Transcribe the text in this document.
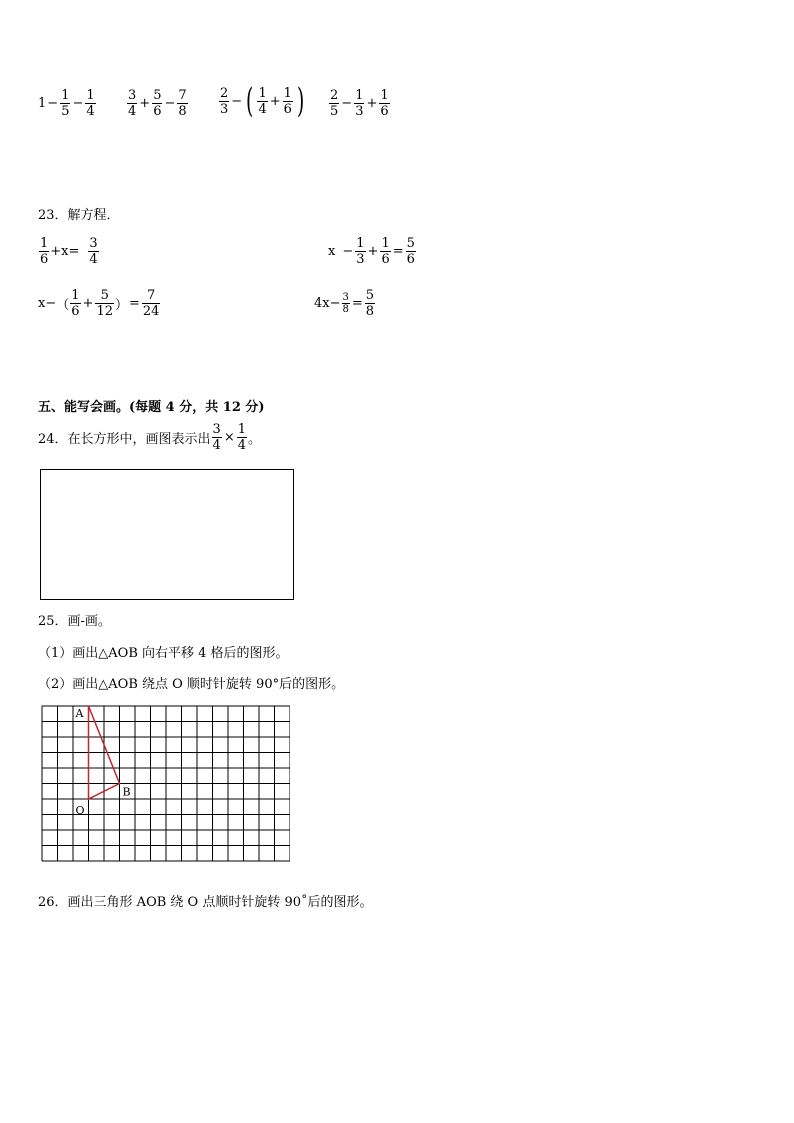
$1 - \frac{1}{5} - \frac{1}{4} \frac{3}{4} + \frac{5}{6} - \frac{7}{8} \frac{2}{3}$ − ( $\frac{1}{4} + \frac{1}{6}$ ) $\frac{2}{5} - \frac{1}{3} + \frac{1}{6}$
23．解方程．
$\frac{1}{6} +x= \frac{3}{4}$	$x - \frac{1}{3} + \frac{1}{6} = \frac{5}{6}$
x− （ $\frac{1}{6} + \frac{5}{12}$ ） = $\frac{7}{24}$	$4x- \frac{3}{8} = \frac{5}{8}$
五、能写会画。(每题 4 分，共 12 分)
24．在长方形中，画图表示出 $\frac{3}{4} \times \frac{1}{4}$ 。
25．画-画。
（1）画出△AOB 向右平移 4 格后的图形。
（2）画出△AOB 绕点 O 顺时针旋转 90°后的图形。
A
B
O
26．画出三角形 AOB 绕 O 点顺时针旋转 90˚后的图形。
